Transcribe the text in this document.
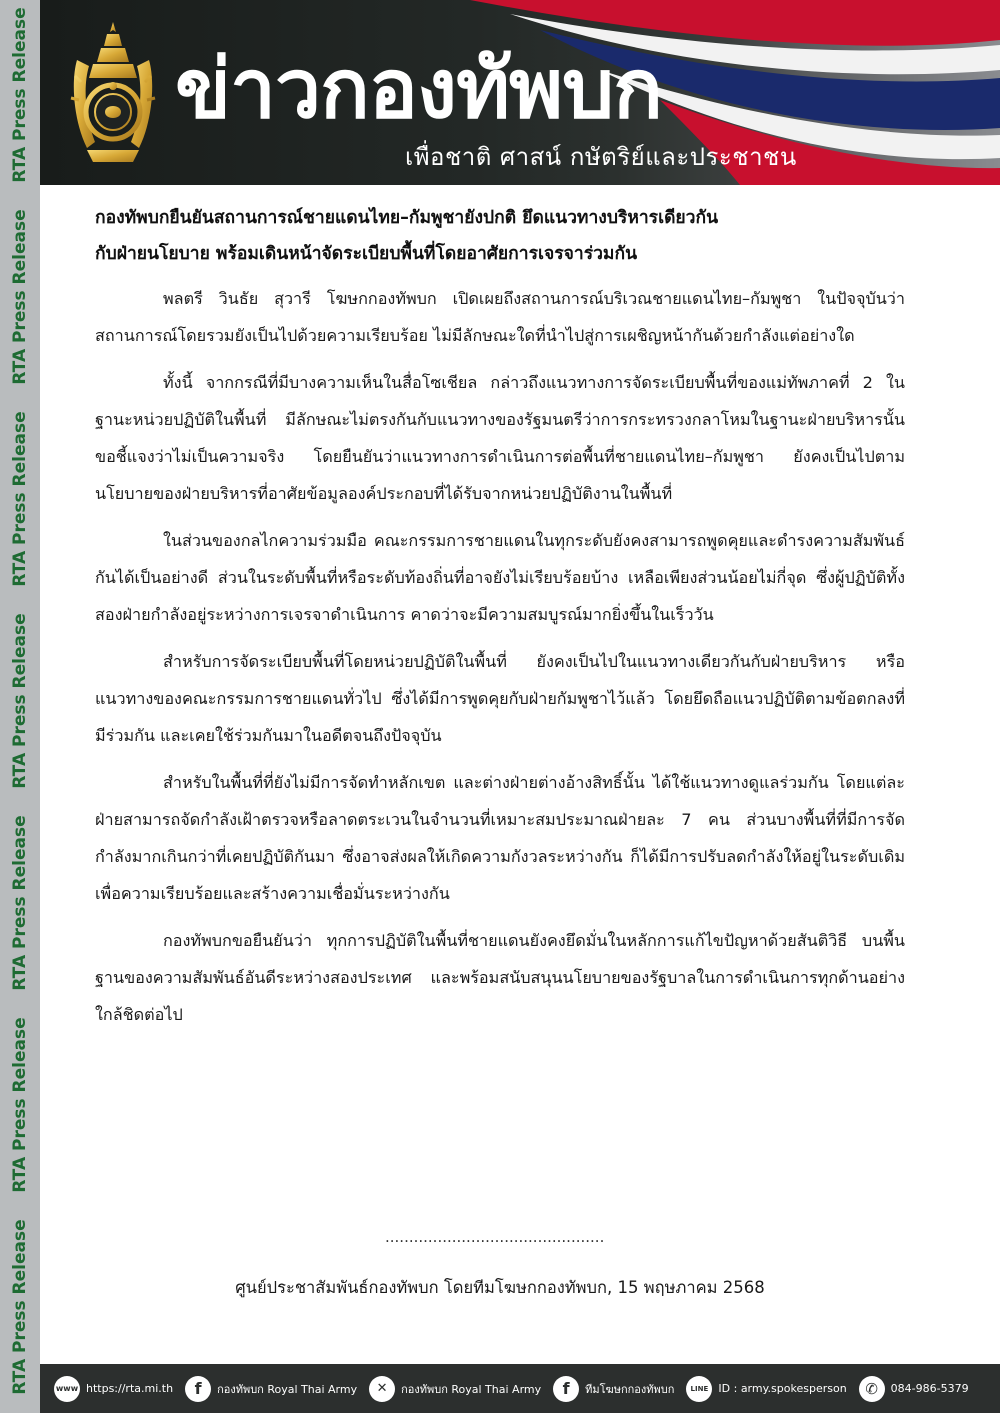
RTA Press Release
RTA Press Release
RTA Press Release
RTA Press Release
RTA Press Release
RTA Press Release
RTA Press Release
ข่าวกองทัพบก
เพื่อชาติ ศาสน์ กษัตริย์และประชาชน
กองทัพบกยืนยันสถานการณ์ชายแดนไทย–กัมพูชายังปกติ ยึดแนวทางบริหารเดียวกัน
กับฝ่ายนโยบาย พร้อมเดินหน้าจัดระเบียบพื้นที่โดยอาศัยการเจรจาร่วมกัน

พลตรี วินธัย สุวารี โฆษกกองทัพบก เปิดเผยถึงสถานการณ์บริเวณชายแดนไทย–กัมพูชา ในปัจจุบันว่า สถานการณ์โดยรวมยังเป็นไปด้วยความเรียบร้อย ไม่มีลักษณะใดที่นำไปสู่การเผชิญหน้ากันด้วยกำลังแต่อย่างใด

ทั้งนี้ จากกรณีที่มีบางความเห็นในสื่อโซเชียล กล่าวถึงแนวทางการจัดระเบียบพื้นที่ของแม่ทัพภาคที่ 2 ในฐานะหน่วยปฏิบัติในพื้นที่ มีลักษณะไม่ตรงกันกับแนวทางของรัฐมนตรีว่าการกระทรวงกลาโหมในฐานะฝ่ายบริหารนั้น ขอชี้แจงว่าไม่เป็นความจริง โดยยืนยันว่าแนวทางการดำเนินการต่อพื้นที่ชายแดนไทย–กัมพูชา ยังคงเป็นไปตามนโยบายของฝ่ายบริหารที่อาศัยข้อมูลองค์ประกอบที่ได้รับจากหน่วยปฏิบัติงานในพื้นที่

ในส่วนของกลไกความร่วมมือ คณะกรรมการชายแดนในทุกระดับยังคงสามารถพูดคุยและดำรงความสัมพันธ์กันได้เป็นอย่างดี ส่วนในระดับพื้นที่หรือระดับท้องถิ่นที่อาจยังไม่เรียบร้อยบ้าง เหลือเพียงส่วนน้อยไม่กี่จุด ซึ่งผู้ปฏิบัติทั้งสองฝ่ายกำลังอยู่ระหว่างการเจรจาดำเนินการ คาดว่าจะมีความสมบูรณ์มากยิ่งขึ้นในเร็ววัน

สำหรับการจัดระเบียบพื้นที่โดยหน่วยปฏิบัติในพื้นที่ ยังคงเป็นไปในแนวทางเดียวกันกับฝ่ายบริหาร หรือแนวทางของคณะกรรมการชายแดนทั่วไป ซึ่งได้มีการพูดคุยกับฝ่ายกัมพูชาไว้แล้ว โดยยึดถือแนวปฏิบัติตามข้อตกลงที่มีร่วมกัน และเคยใช้ร่วมกันมาในอดีตจนถึงปัจจุบัน

สำหรับในพื้นที่ที่ยังไม่มีการจัดทำหลักเขต และต่างฝ่ายต่างอ้างสิทธิ์นั้น ได้ใช้แนวทางดูแลร่วมกัน โดยแต่ละฝ่ายสามารถจัดกำลังเฝ้าตรวจหรือลาดตระเวนในจำนวนที่เหมาะสมประมาณฝ่ายละ 7 คน ส่วนบางพื้นที่ที่มีการจัดกำลังมากเกินกว่าที่เคยปฏิบัติกันมา ซึ่งอาจส่งผลให้เกิดความกังวลระหว่างกัน ก็ได้มีการปรับลดกำลังให้อยู่ในระดับเดิมเพื่อความเรียบร้อยและสร้างความเชื่อมั่นระหว่างกัน

กองทัพบกขอยืนยันว่า ทุกการปฏิบัติในพื้นที่ชายแดนยังคงยึดมั่นในหลักการแก้ไขปัญหาด้วยสันติวิธี บนพื้นฐานของความสัมพันธ์อันดีระหว่างสองประเทศ และพร้อมสนับสนุนนโยบายของรัฐบาลในการดำเนินการทุกด้านอย่างใกล้ชิดต่อไป

..............................................
ศูนย์ประชาสัมพันธ์กองทัพบก โดยทีมโฆษกกองทัพบก, 15 พฤษภาคม 2568
www https://rta.mi.th	f	กองทัพบก Royal Thai Army	✕	กองทัพบก Royal Thai Army	f	ทีมโฆษกกองทัพบก	LINE ID : army.spokesperson	✆	084-986-5379
